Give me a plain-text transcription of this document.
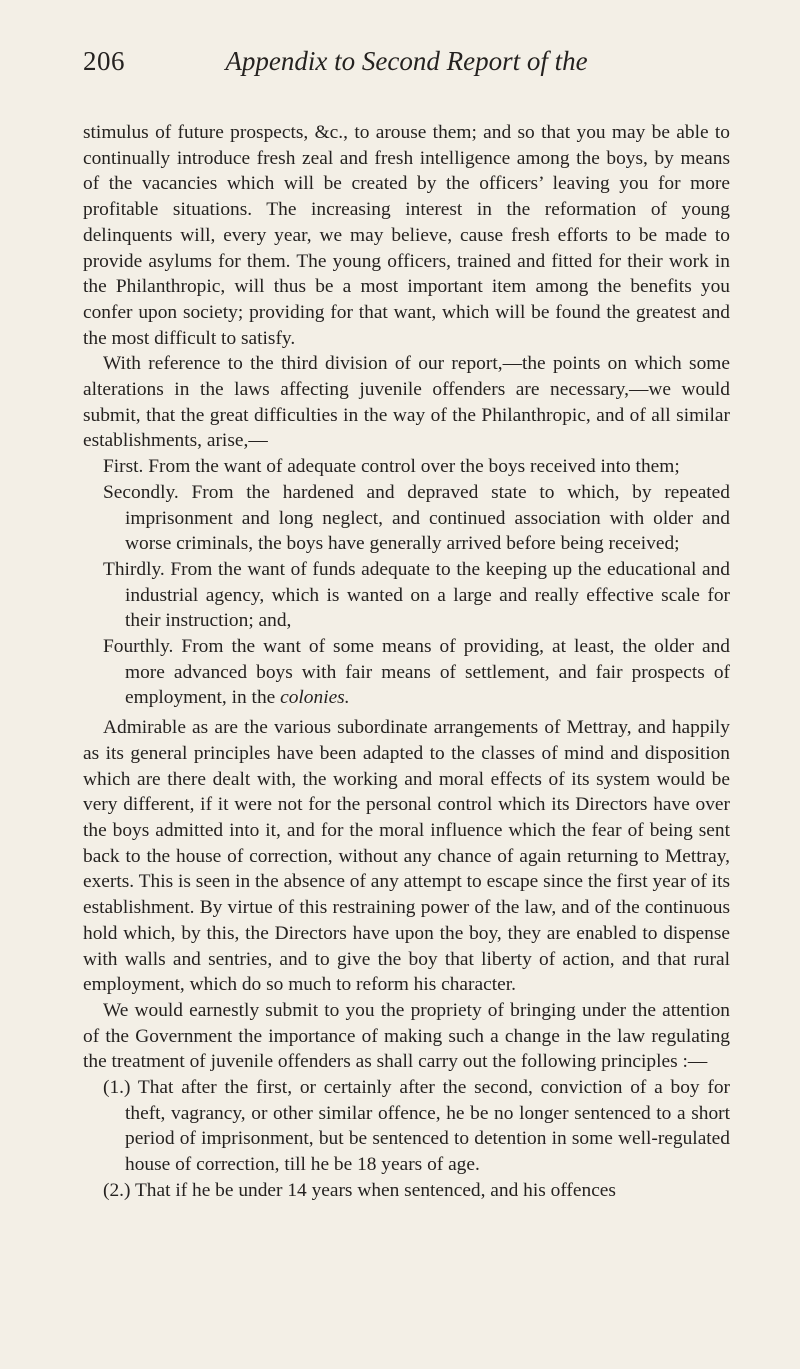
206	Appendix to Second Report of the

stimulus of future prospects, &c., to arouse them; and so that you may be able to continually introduce fresh zeal and fresh intelligence among the boys, by means of the vacancies which will be created by the officers’ leaving you for more profitable situations. The increasing interest in the reformation of young delinquents will, every year, we may believe, cause fresh efforts to be made to provide asylums for them. The young officers, trained and fitted for their work in the Philanthropic, will thus be a most important item among the benefits you confer upon society; providing for that want, which will be found the greatest and the most difficult to satisfy.

With reference to the third division of our report,—the points on which some alterations in the laws affecting juvenile offenders are necessary,—we would submit, that the great difficulties in the way of the Philanthropic, and of all similar establishments, arise,—

First. From the want of adequate control over the boys received into them;

Secondly. From the hardened and depraved state to which, by repeated imprisonment and long neglect, and continued association with older and worse criminals, the boys have generally arrived before being received;

Thirdly. From the want of funds adequate to the keeping up the educational and industrial agency, which is wanted on a large and really effective scale for their instruction; and,

Fourthly. From the want of some means of providing, at least, the older and more advanced boys with fair means of settlement, and fair prospects of employment, in the colonies.

Admirable as are the various subordinate arrangements of Mettray, and happily as its general principles have been adapted to the classes of mind and disposition which are there dealt with, the working and moral effects of its system would be very different, if it were not for the personal control which its Directors have over the boys admitted into it, and for the moral influence which the fear of being sent back to the house of correction, without any chance of again returning to Mettray, exerts. This is seen in the absence of any attempt to escape since the first year of its establishment. By virtue of this restraining power of the law, and of the continuous hold which, by this, the Directors have upon the boy, they are enabled to dispense with walls and sentries, and to give the boy that liberty of action, and that rural employment, which do so much to reform his character.

We would earnestly submit to you the propriety of bringing under the attention of the Government the importance of making such a change in the law regulating the treatment of juvenile offenders as shall carry out the following principles :—

(1.) That after the first, or certainly after the second, conviction of a boy for theft, vagrancy, or other similar offence, he be no longer sentenced to a short period of imprisonment, but be sentenced to detention in some well-regulated house of correction, till he be 18 years of age.

(2.) That if he be under 14 years when sentenced, and his offences
